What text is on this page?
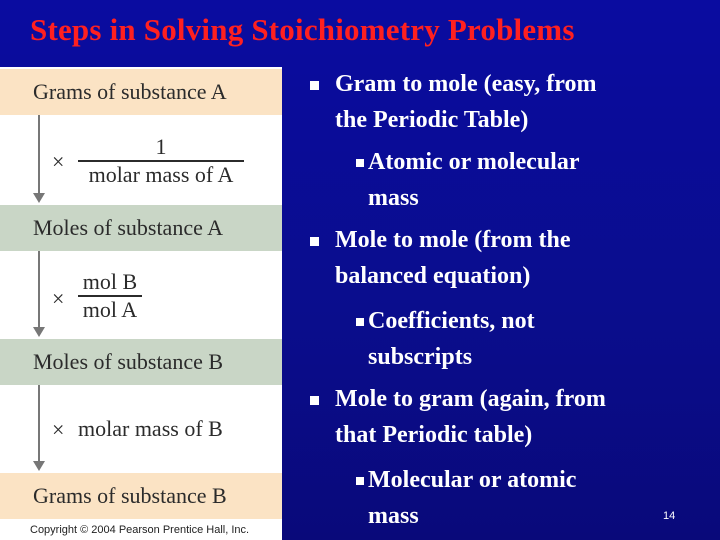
Steps in Solving Stoichiometry Problems
Grams of substance A
×
1
molar mass of A
Moles of substance A
×
mol B
mol A
Moles of substance B
× molar mass of B
Grams of substance B
Copyright © 2004 Pearson Prentice Hall, Inc.
Gram to mole (easy, from
the Periodic Table)
Atomic or molecular
mass
Mole to mole (from the
balanced equation)
Coefficients, not
subscripts
Mole to gram (again, from
that Periodic table)
Molecular or atomic
mass	14
